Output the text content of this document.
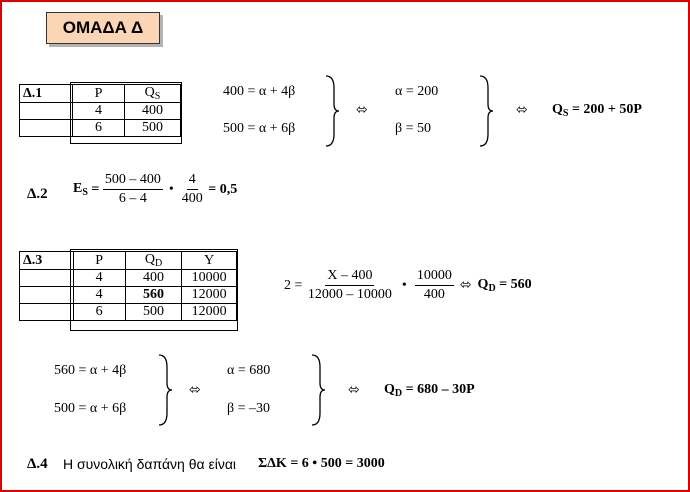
ΟΜΑΔΑ Δ
Δ.1	P	$Q_S$
	4	400
	6	500
400 = α + 4β
500 = α + 6β
⬄
α = 200
β = 50
⬄ $Q_S = 200 + 50P$
Δ.2 $E_S = \frac{500 - 400}{6 - 4}$ • $\frac{4}{400} = 0,5$
Δ.3	P	$Q_D$	Y
	4	400	10000
	4	560	12000
	6	500	12000
$2 = \frac{X - 400}{12000 - 10000}$ • $\frac{10000}{400}$ ⬄ $Q_D = 560$
560 = α + 4β
500 = α + 6β
⬄
α = 680
β = –30
⬄ $Q_D = 680 - 30P$
Δ.4 Η συνολική δαπάνη θα είναι ΣΔΚ = 6 • 500 = 3000
